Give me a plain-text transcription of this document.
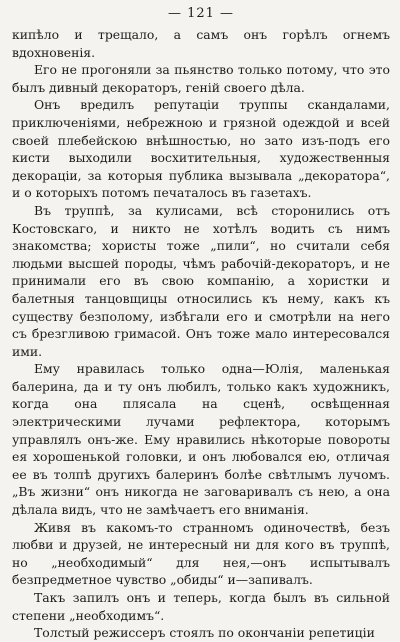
— 121 —

кипѣло и трещало, а самъ онъ горѣлъ огнемъ вдохновенія.

Его не прогоняли за пьянство только потому, что это былъ дивный декораторъ, геній своего дѣла.

Онъ вредилъ репутаціи труппы скандалами, приключеніями, небрежною и грязной одеждой и всей своей плебейскою внѣшностью, но зато изъ-подъ его кисти выходили восхитительныя, художественныя декораціи, за которыя публика вызывала „декоратора“, и о которыхъ потомъ печаталось въ газетахъ.

Въ труппѣ, за кулисами, всѣ сторонились отъ Костовскаго, и никто не хотѣлъ водить съ нимъ знакомства; хористы тоже „пили“, но считали себя людьми высшей породы, чѣмъ рабочій-декораторъ, и не принимали его въ свою компанію, а хористки и балетныя танцовщицы относились къ нему, какъ къ существу безполому, избѣгали его и смотрѣли на него съ брезгливою гримасой. Онъ тоже мало интересовался ими.

Ему нравилась только одна—Юлія, маленькая балерина, да и ту онъ любилъ, только какъ художникъ, когда она плясала на сценѣ, освѣщенная электрическими лучами рефлектора, которымъ управлялъ онъ-же. Ему нравились нѣкоторые повороты ея хорошенькой головки, и онъ любовался ею, отличая ее въ толпѣ другихъ балеринъ болѣе свѣтлымъ лучомъ. „Въ жизни“ онъ никогда не заговаривалъ съ нею, а она дѣлала видъ, что не замѣчаетъ его вниманія.

Живя въ какомъ-то странномъ одиночествѣ, безъ любви и друзей, не интересный ни для кого въ труппѣ, но „необходимый“ для нея,—онъ испытывалъ безпредметное чувство „обиды“ и—запивалъ.

Такъ запилъ онъ и теперь, когда былъ въ сильной степени „необходимъ“.

Толстый режиссеръ стоялъ по окончаніи репетиціи
